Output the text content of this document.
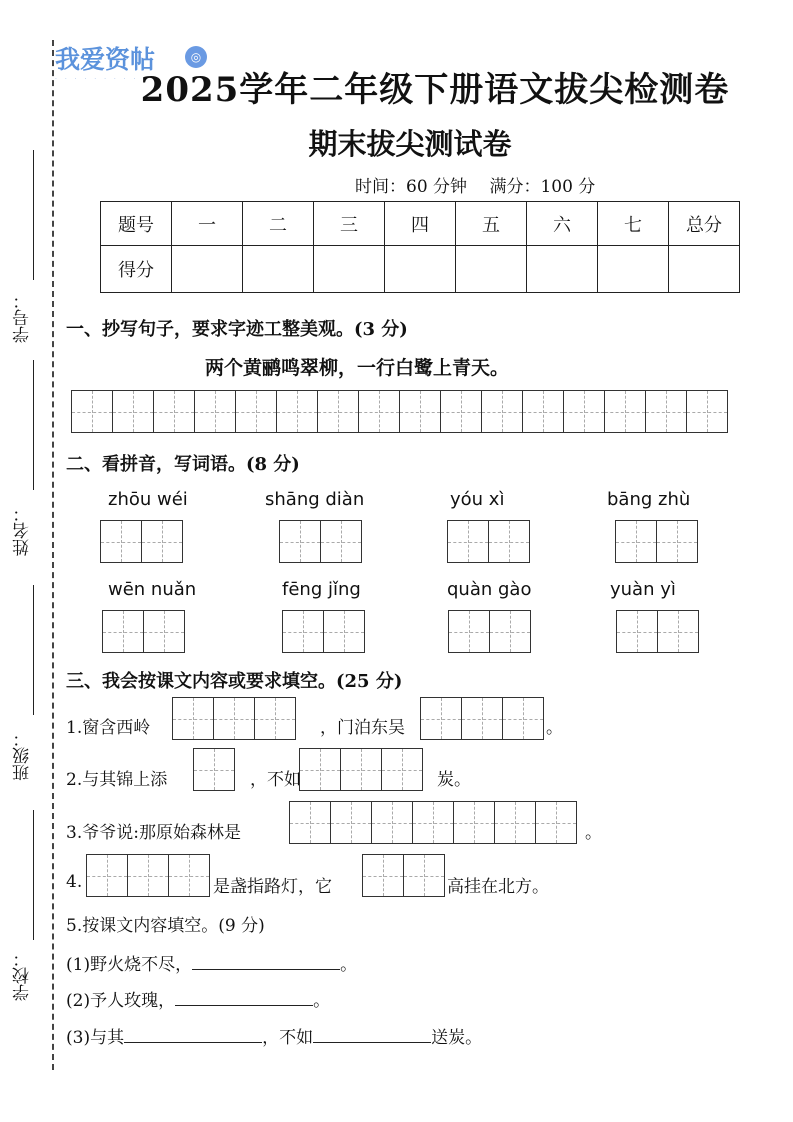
学号：
姓名：
班级：
学校：
我爱资帖	◎
· · · · · · · · · ·
2025学年二年级下册语文拔尖检测卷
期末拔尖测试卷
时间：60 分钟　 满分：100 分
题号	一	二	三	四	五	六	七	总分
得分								
一、抄写句子，要求字迹工整美观。(3 分)
两个黄鹂鸣翠柳，一行白鹭上青天。
二、看拼音，写词语。(8 分)
zhōu wéi	shāng diàn	yóu xì	bāng zhù
wēn nuǎn	fēng jǐng	quàn gào	yuàn yì
三、我会按课文内容或要求填空。(25 分)
1.窗含西岭	，门泊东吴	。
2.与其锦上添	，不如	炭。
3.爷爷说:那原始森林是	。
4.	是盏指路灯，它	高挂在北方。
5.按课文内容填空。(9 分)
(1)野火烧不尽，	。
(2)予人玫瑰，	。
(3)与其	，不如	送炭。
